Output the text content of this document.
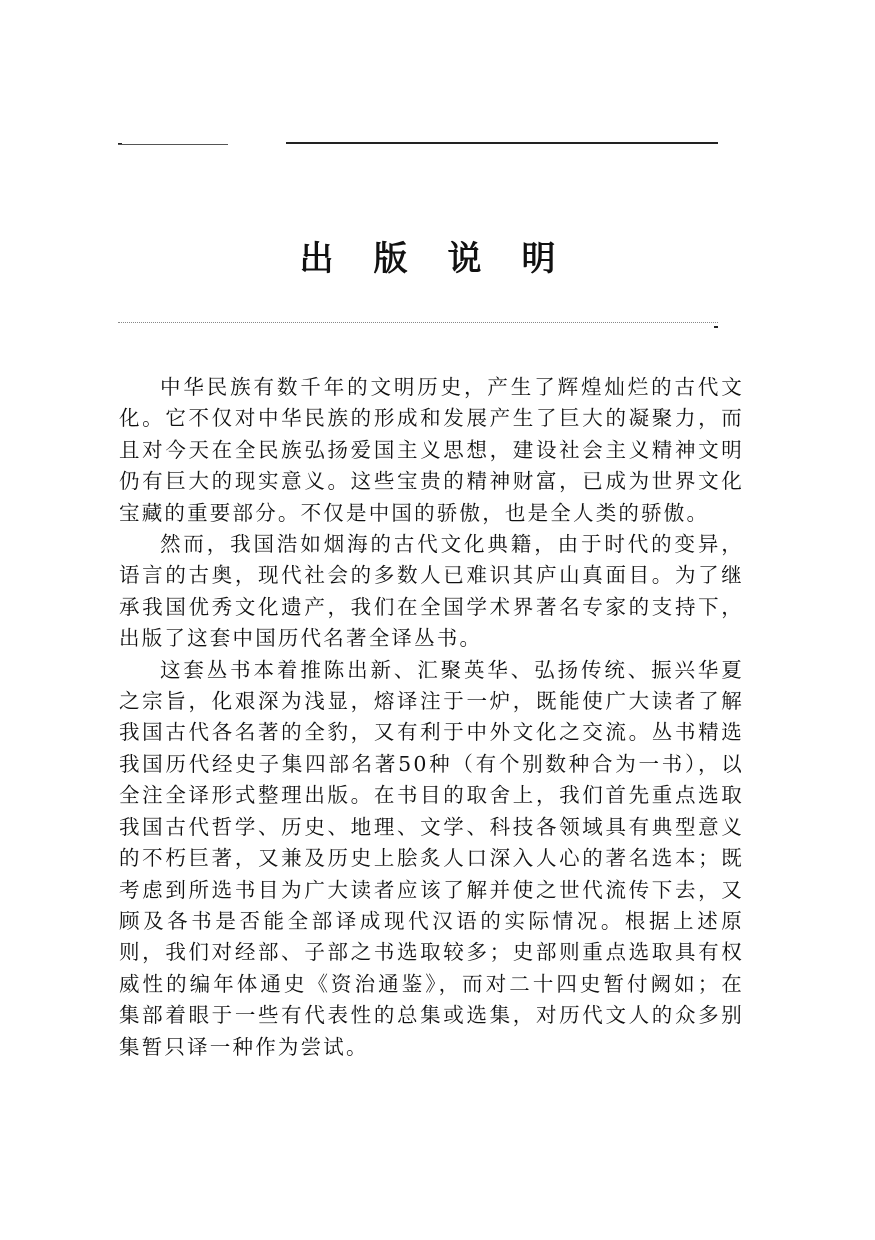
出版说明

中华民族有数千年的文明历史，产生了辉煌灿烂的古代文化。它不仅对中华民族的形成和发展产生了巨大的凝聚力，而且对今天在全民族弘扬爱国主义思想，建设社会主义精神文明仍有巨大的现实意义。这些宝贵的精神财富，已成为世界文化宝藏的重要部分。不仅是中国的骄傲，也是全人类的骄傲。

然而，我国浩如烟海的古代文化典籍，由于时代的变异，语言的古奥，现代社会的多数人已难识其庐山真面目。为了继承我国优秀文化遗产，我们在全国学术界著名专家的支持下，出版了这套中国历代名著全译丛书。

这套丛书本着推陈出新、汇聚英华、弘扬传统、振兴华夏之宗旨，化艰深为浅显，熔译注于一炉，既能使广大读者了解我国古代各名著的全豹，又有利于中外文化之交流。丛书精选我国历代经史子集四部名著50种（有个别数种合为一书），以全注全译形式整理出版。在书目的取舍上，我们首先重点选取我国古代哲学、历史、地理、文学、科技各领域具有典型意义的不朽巨著，又兼及历史上脍炙人口深入人心的著名选本；既考虑到所选书目为广大读者应该了解并使之世代流传下去，又顾及各书是否能全部译成现代汉语的实际情况。根据上述原则，我们对经部、子部之书选取较多；史部则重点选取具有权威性的编年体通史《资治通鉴》，而对二十四史暂付阙如；在集部着眼于一些有代表性的总集或选集，对历代文人的众多别集暂只译一种作为尝试。
